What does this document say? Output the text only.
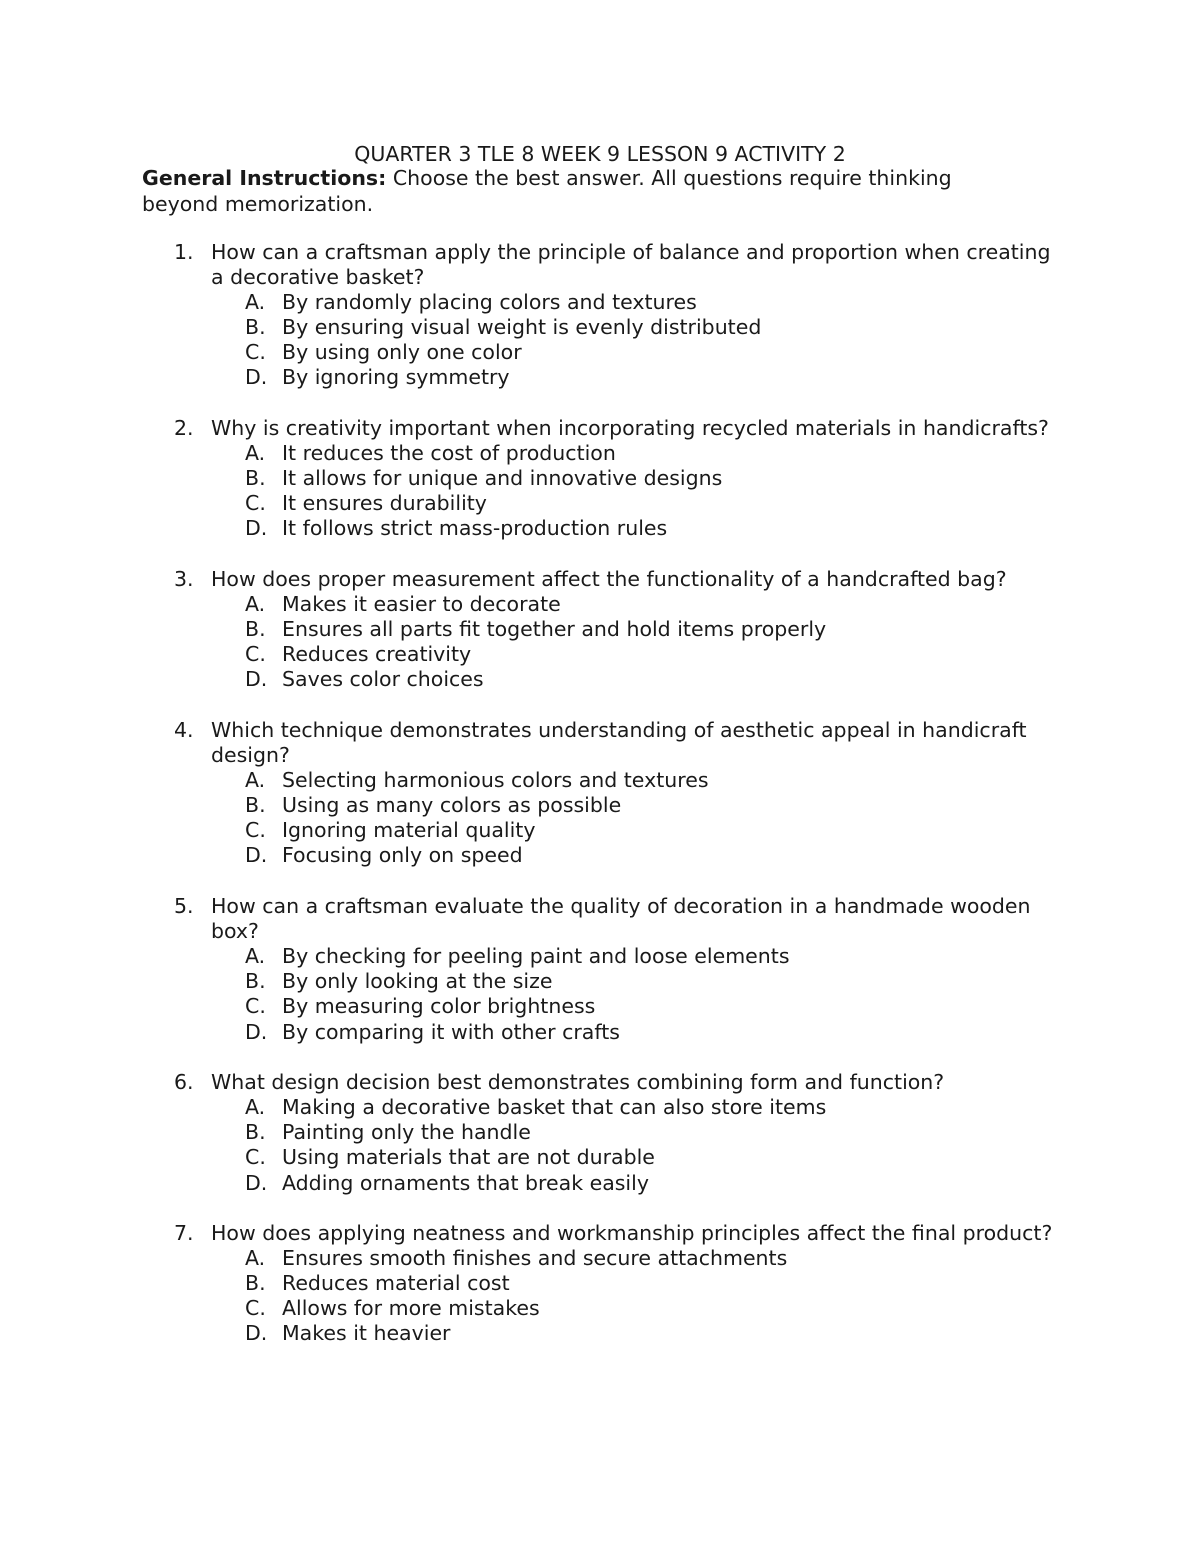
QUARTER 3 TLE 8 WEEK 9 LESSON 9 ACTIVITY 2
General Instructions: Choose the best answer. All questions require thinking beyond memorization.
1. How can a craftsman apply the principle of balance and proportion when creating a decorative basket?
A. By randomly placing colors and textures
B. By ensuring visual weight is evenly distributed
C. By using only one color
D. By ignoring symmetry
2. Why is creativity important when incorporating recycled materials in handicrafts?
A. It reduces the cost of production
B. It allows for unique and innovative designs
C. It ensures durability
D. It follows strict mass-production rules
3. How does proper measurement affect the functionality of a handcrafted bag?
A. Makes it easier to decorate
B. Ensures all parts fit together and hold items properly
C. Reduces creativity
D. Saves color choices
4. Which technique demonstrates understanding of aesthetic appeal in handicraft design?
A. Selecting harmonious colors and textures
B. Using as many colors as possible
C. Ignoring material quality
D. Focusing only on speed
5. How can a craftsman evaluate the quality of decoration in a handmade wooden box?
A. By checking for peeling paint and loose elements
B. By only looking at the size
C. By measuring color brightness
D. By comparing it with other crafts
6. What design decision best demonstrates combining form and function?
A. Making a decorative basket that can also store items
B. Painting only the handle
C. Using materials that are not durable
D. Adding ornaments that break easily
7. How does applying neatness and workmanship principles affect the final product?
A. Ensures smooth finishes and secure attachments
B. Reduces material cost
C. Allows for more mistakes
D. Makes it heavier
